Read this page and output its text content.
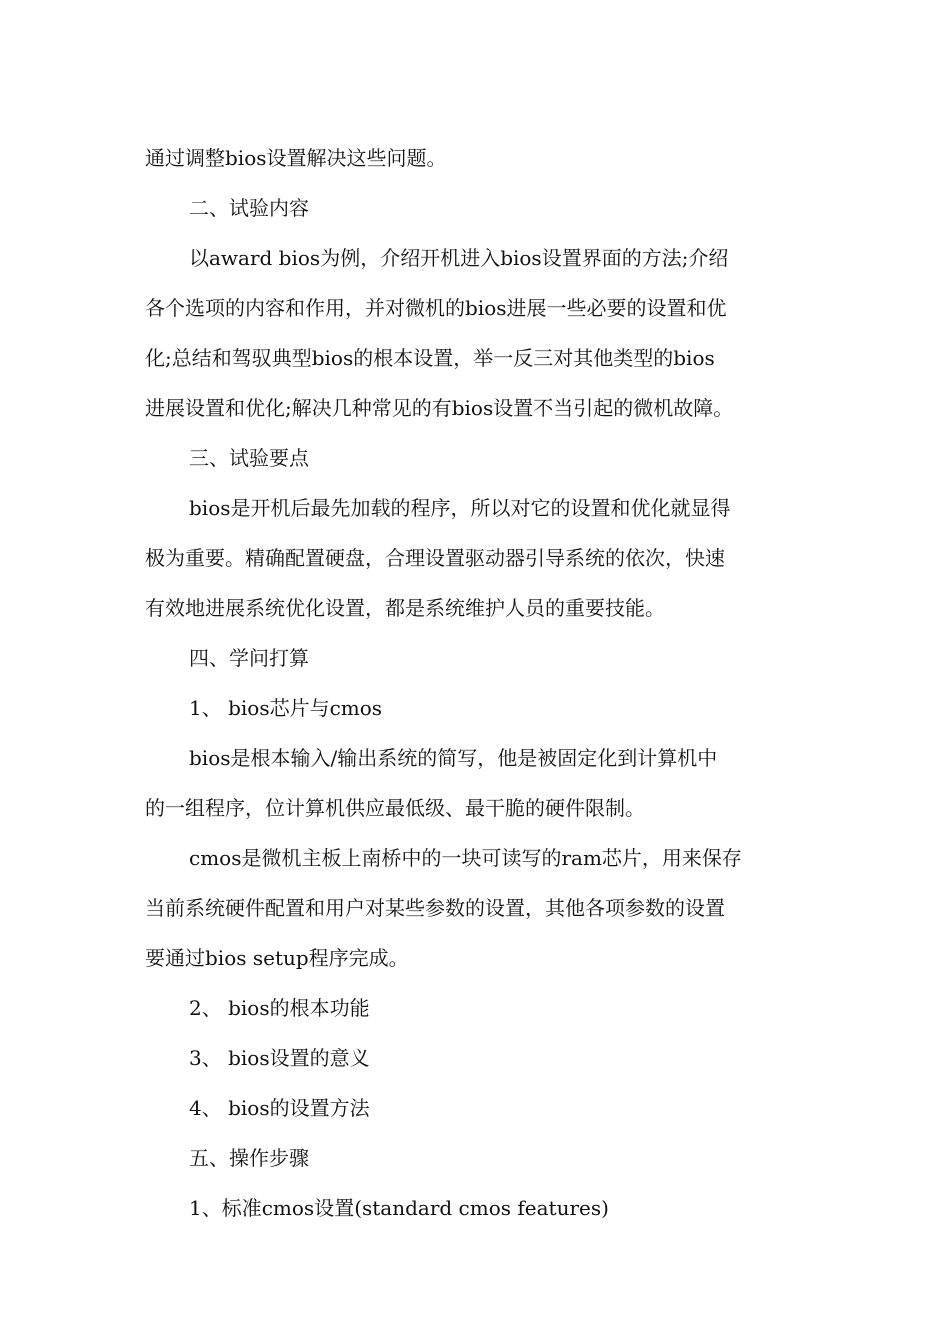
通过调整bios设置解决这些问题。

二、试验内容

以award bios为例，介绍开机进入bios设置界面的方法;介绍

各个选项的内容和作用，并对微机的bios进展一些必要的设置和优

化;总结和驾驭典型bios的根本设置，举一反三对其他类型的bios

进展设置和优化;解决几种常见的有bios设置不当引起的微机故障。

三、试验要点

bios是开机后最先加载的程序，所以对它的设置和优化就显得

极为重要。精确配置硬盘，合理设置驱动器引导系统的依次，快速

有效地进展系统优化设置，都是系统维护人员的重要技能。

四、学问打算

1、 bios芯片与cmos

bios是根本输入/输出系统的简写，他是被固定化到计算机中

的一组程序，位计算机供应最低级、最干脆的硬件限制。

cmos是微机主板上南桥中的一块可读写的ram芯片，用来保存

当前系统硬件配置和用户对某些参数的设置，其他各项参数的设置

要通过bios setup程序完成。

2、 bios的根本功能

3、 bios设置的意义

4、 bios的设置方法

五、操作步骤

1、标准cmos设置(standard cmos features)
